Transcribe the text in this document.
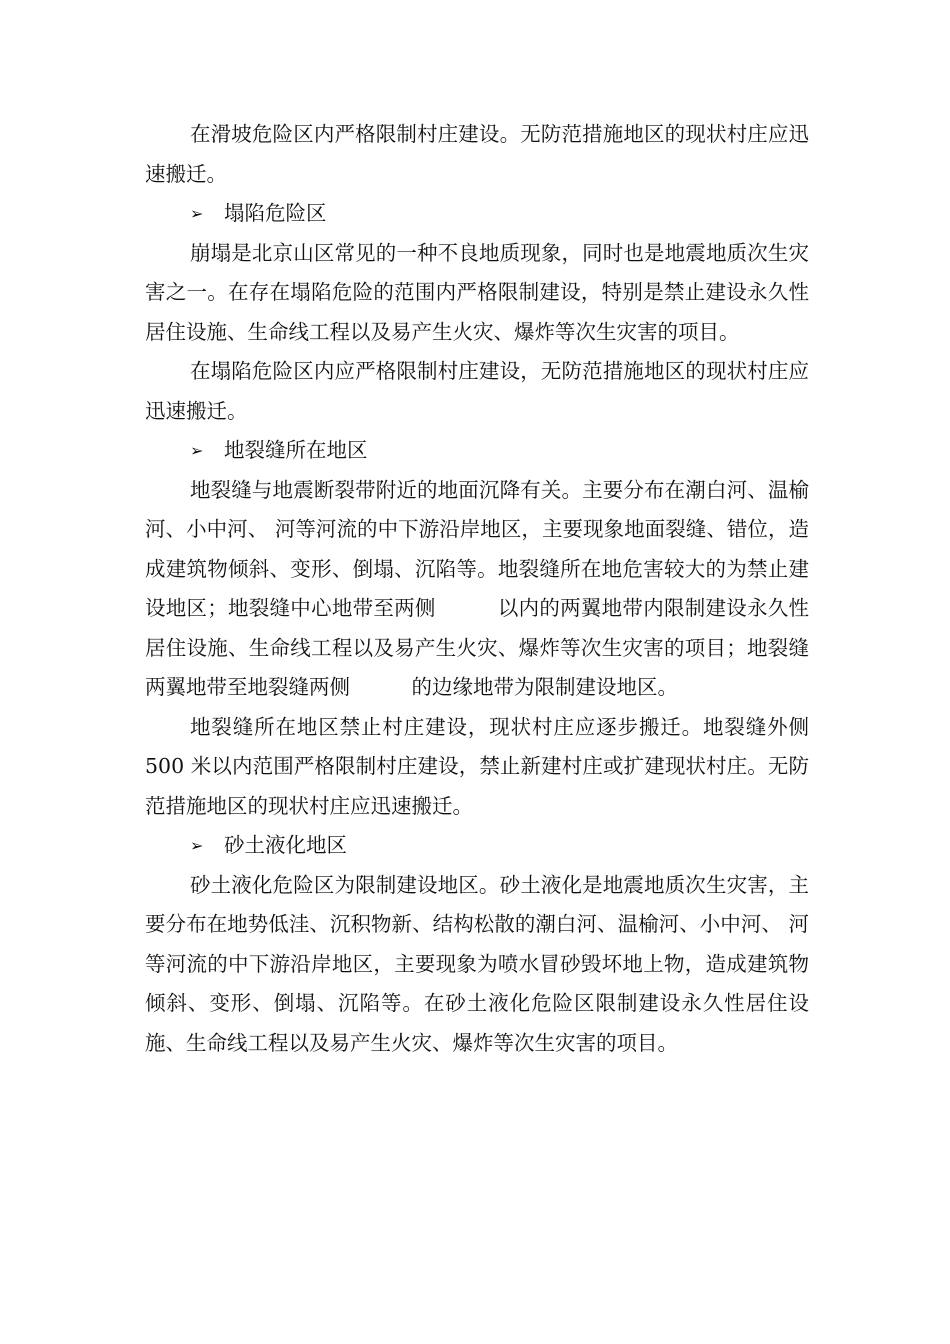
在滑坡危险区内严格限制村庄建设。无防范措施地区的现状村庄应迅速搬迁。

➢	塌陷危险区

崩塌是北京山区常见的一种不良地质现象，同时也是地震地质次生灾害之一。在存在塌陷危险的范围内严格限制建设，特别是禁止建设永久性居住设施、生命线工程以及易产生火灾、爆炸等次生灾害的项目。

在塌陷危险区内应严格限制村庄建设，无防范措施地区的现状村庄应迅速搬迁。

➢	地裂缝所在地区

地裂缝与地震断裂带附近的地面沉降有关。主要分布在潮白河、温榆河、小中河、 河等河流的中下游沿岸地区，主要现象地面裂缝、错位，造成建筑物倾斜、变形、倒塌、沉陷等。地裂缝所在地危害较大的为禁止建设地区；地裂缝中心地带至两侧　　　以内的两翼地带内限制建设永久性居住设施、生命线工程以及易产生火灾、爆炸等次生灾害的项目；地裂缝两翼地带至地裂缝两侧　　　的边缘地带为限制建设地区。

地裂缝所在地区禁止村庄建设，现状村庄应逐步搬迁。地裂缝外侧 500 米以内范围严格限制村庄建设，禁止新建村庄或扩建现状村庄。无防范措施地区的现状村庄应迅速搬迁。

➢	砂土液化地区

砂土液化危险区为限制建设地区。砂土液化是地震地质次生灾害，主要分布在地势低洼、沉积物新、结构松散的潮白河、温榆河、小中河、 河等河流的中下游沿岸地区，主要现象为喷水冒砂毁坏地上物，造成建筑物倾斜、变形、倒塌、沉陷等。在砂土液化危险区限制建设永久性居住设施、生命线工程以及易产生火灾、爆炸等次生灾害的项目。
